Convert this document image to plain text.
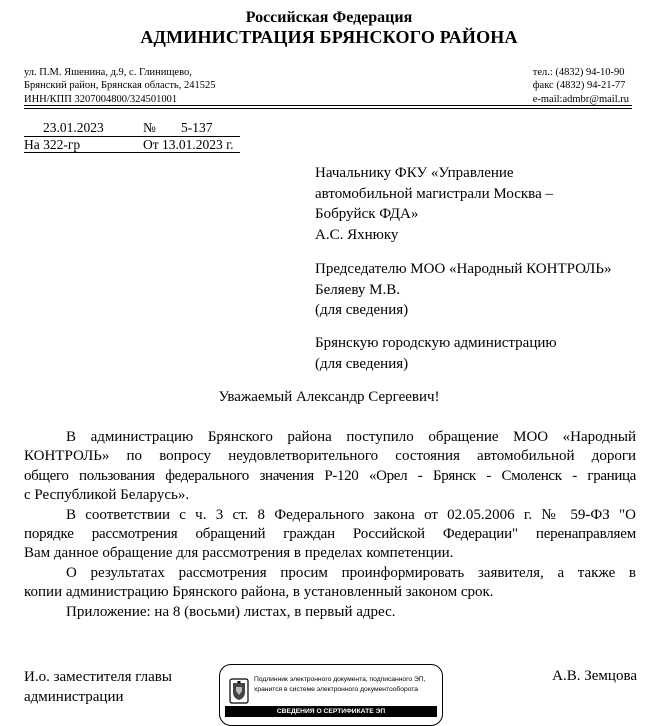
Российская Федерация
АДМИНИСТРАЦИЯ БРЯНСКОГО РАЙОНА
ул. П.М. Яшенина, д.9, с. Глинищево,
Брянский район, Брянская область, 241525
ИНН/КПП 3207004800/324501001
тел.: (4832) 94-10-90
факс (4832) 94-21-77
e-mail:admbr@mail.ru
23.01.2023	№ 5-137
На 322-гр	От 13.01.2023 г.
Начальнику ФКУ «Управление
автомобильной магистрали Москва –
Бобруйск ФДА»
А.С. Яхнюку
Председателю МОО «Народный КОНТРОЛЬ»
Беляеву М.В.
(для сведения)
Брянскую городскую администрацию
(для сведения)
Уважаемый Александр Сергеевич!
В администрацию Брянского района поступило обращение МОО «Народный
КОНТРОЛЬ» по вопросу неудовлетворительного состояния автомобильной дороги
общего пользования федерального значения Р-120 «Орел - Брянск - Смоленск - граница
с Республикой Беларусь».
В соответствии с ч. 3 ст. 8 Федерального закона от 02.05.2006 г. № 59-ФЗ "О
порядке рассмотрения обращений граждан Российской Федерации" перенаправляем
Вам данное обращение для рассмотрения в пределах компетенции.
О результатах рассмотрения просим проинформировать заявителя, а также в
копии администрацию Брянского района, в установленный законом срок.
Приложение: на 8 (восьми) листах, в первый адрес.
И.о. заместителя главы
администрации
А.В. Земцова
Подлинник электронного документа, подписанного ЭП,
хранится в системе электронного документооборота
СВЕДЕНИЯ О СЕРТИФИКАТЕ ЭП
